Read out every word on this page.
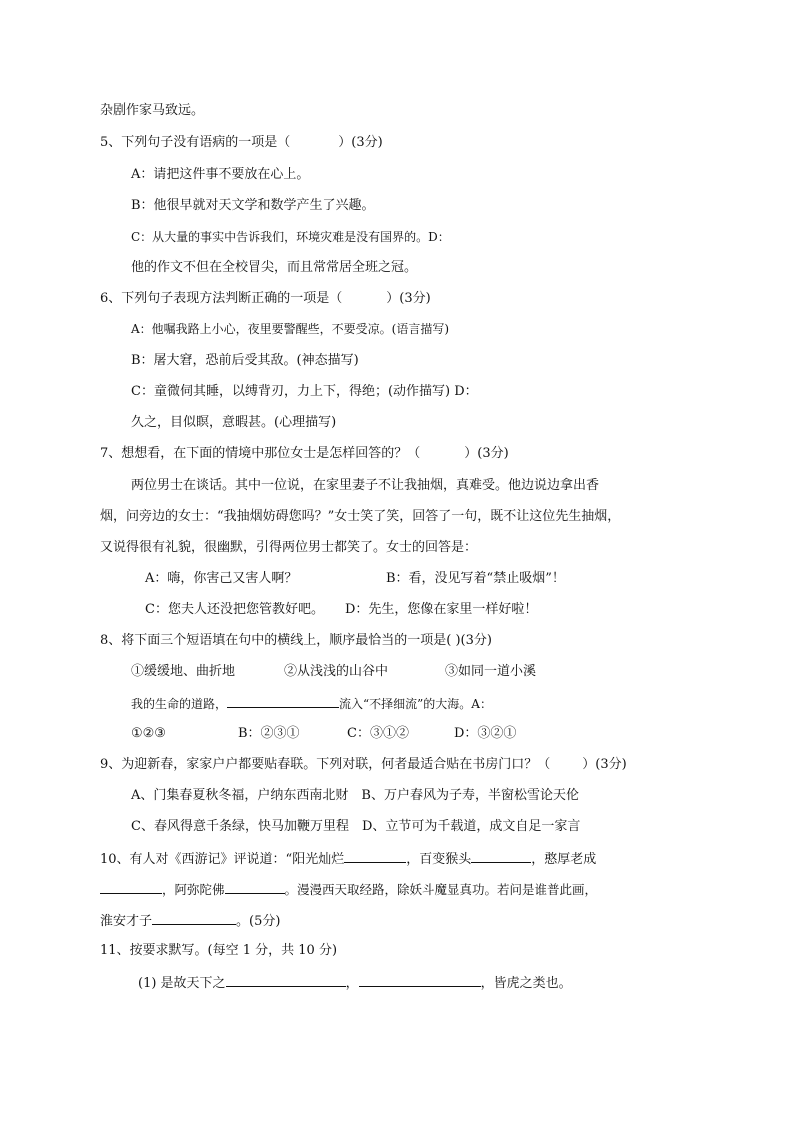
杂剧作家马致远。
5、下列句子没有语病的一项是（	）(3分)
A：请把这件事不要放在心上。
B：他很早就对天文学和数学产生了兴趣。
C：从大量的事实中告诉我们，环境灾难是没有国界的。D：
他的作文不但在全校冒尖，而且常常居全班之冠。
6、下列句子表现方法判断正确的一项是（	）(3分)
A：他嘱我路上小心，夜里要警醒些，不要受凉。(语言描写)
B：屠大窘，恐前后受其敌。(神态描写)
C：童微伺其睡，以缚背刃，力上下，得绝；(动作描写) D：
久之，目似瞑，意暇甚。(心理描写)
7、想想看，在下面的情境中那位女士是怎样回答的？（	）(3分)
两位男士在谈话。其中一位说，在家里妻子不让我抽烟，真难受。他边说边拿出香
烟，问旁边的女士：“我抽烟妨碍您吗？”女士笑了笑，回答了一句，既不让这位先生抽烟，
又说得很有礼貌，很幽默，引得两位男士都笑了。女士的回答是：
A：嗨，你害己又害人啊？	B：看，没见写着“禁止吸烟”！
C：您夫人还没把您管教好吧。 D：先生，您像在家里一样好啦！
8、将下面三个短语填在句中的横线上，顺序最恰当的一项是( )(3分)
①缓缓地、曲折地	②从浅浅的山谷中	③如同一道小溪
我的生命的道路，	流入“不择细流”的大海。A：
①②③	B：②③①	C：③①②	D：③②①
9、为迎新春，家家户户都要贴春联。下列对联，何者最适合贴在书房门口？（ ）(3分)
A、门集春夏秋冬福，户纳东西南北财　B、万户春风为子寿，半窗松雪论天伦
C、春风得意千条绿，快马加鞭万里程　D、立节可为千载道，成文自足一家言
10、有人对《西游记》评说道：“阳光灿烂	，百变猴头	，憨厚老成
，阿弥陀佛	。漫漫西天取经路，除妖斗魔显真功。若问是谁普此画，
淮安才子	。(5分)
11、按要求默写。(每空 1 分，共 10 分)
(1) 是故天下之	，	，皆虎之类也。
